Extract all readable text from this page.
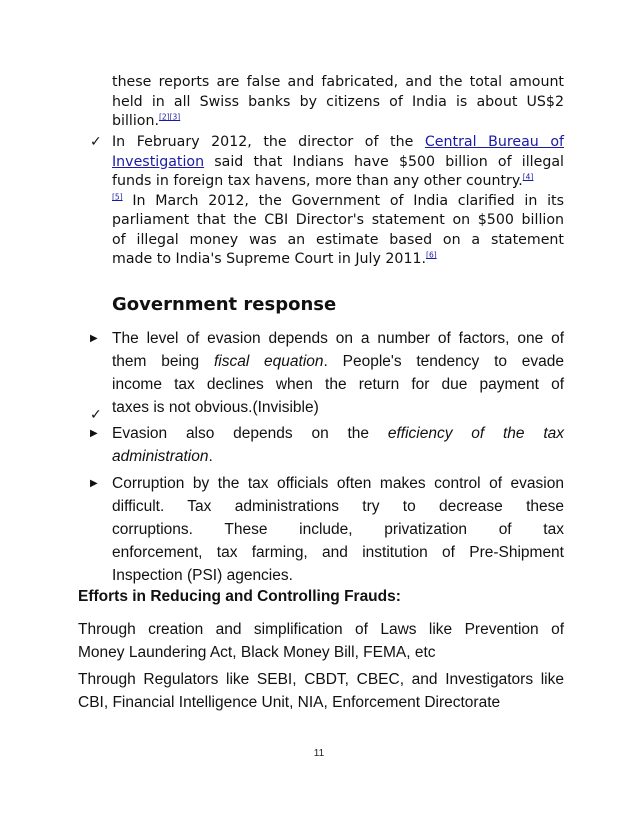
these reports are false and fabricated, and the total amount
held in all Swiss banks by citizens of India is about US$2
billion.[2][3]
✓ In February 2012, the director of the Central Bureau of
Investigation said that Indians have $500 billion of illegal
funds in foreign tax havens, more than any other country.[4]
[5] In March 2012, the Government of India clarified in its
parliament that the CBI Director's statement on $500 billion
of illegal money was an estimate based on a statement
made to India's Supreme Court in July 2011.[6]
✓

Government response
▶ The level of evasion depends on a number of factors, one of
them being fiscal equation. People's tendency to evade
income tax declines when the return for due payment of
taxes is not obvious.(Invisible)
▶ Evasion also depends on the efficiency of the tax
administration.
▶ Corruption by the tax officials often makes control of evasion
difficult. Tax administrations try to decrease these
corruptions. These include, privatization of tax
enforcement, tax farming, and institution of Pre-Shipment
Inspection (PSI) agencies.
Efforts in Reducing and Controlling Frauds:
Through creation and simplification of Laws like Prevention of
Money Laundering Act, Black Money Bill, FEMA, etc
Through Regulators like SEBI, CBDT, CBEC, and Investigators like
CBI, Financial Intelligence Unit, NIA, Enforcement Directorate
11
